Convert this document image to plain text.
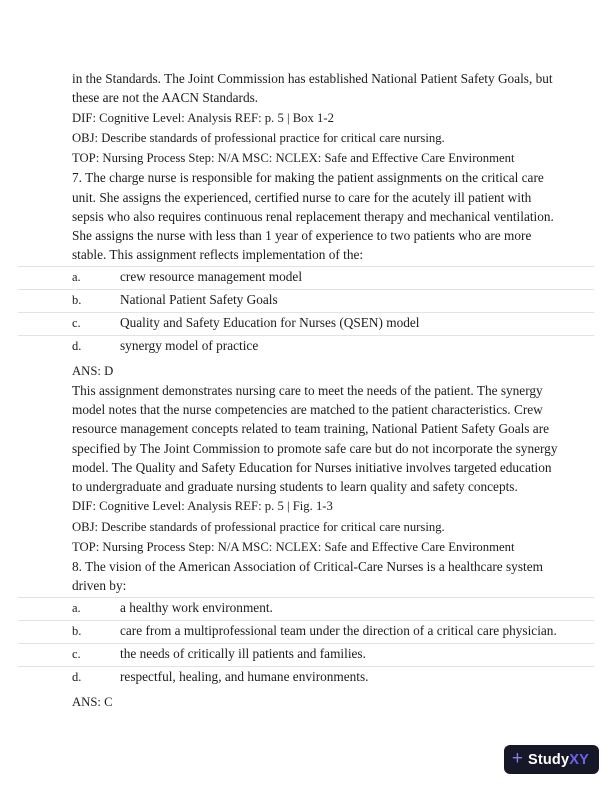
in the Standards. The Joint Commission has established National Patient Safety Goals, but these are not the AACN Standards.

DIF: Cognitive Level: Analysis REF: p. 5 | Box 1-2
OBJ: Describe standards of professional practice for critical care nursing.
TOP: Nursing Process Step: N/A MSC: NCLEX: Safe and Effective Care Environment

7. The charge nurse is responsible for making the patient assignments on the critical care unit. She assigns the experienced, certified nurse to care for the acutely ill patient with sepsis who also requires continuous renal replacement therapy and mechanical ventilation. She assigns the nurse with less than 1 year of experience to two patients who are more stable. This assignment reflects implementation of the:

a.	crew resource management model
b.	National Patient Safety Goals
c.	Quality and Safety Education for Nurses (QSEN) model
d.	synergy model of practice

ANS: D

This assignment demonstrates nursing care to meet the needs of the patient. The synergy model notes that the nurse competencies are matched to the patient characteristics. Crew resource management concepts related to team training, National Patient Safety Goals are specified by The Joint Commission to promote safe care but do not incorporate the synergy model. The Quality and Safety Education for Nurses initiative involves targeted education to undergraduate and graduate nursing students to learn quality and safety concepts.

DIF: Cognitive Level: Analysis REF: p. 5 | Fig. 1-3
OBJ: Describe standards of professional practice for critical care nursing.
TOP: Nursing Process Step: N/A MSC: NCLEX: Safe and Effective Care Environment

8. The vision of the American Association of Critical-Care Nurses is a healthcare system driven by:

a.	a healthy work environment.
b.	care from a multiprofessional team under the direction of a critical care physician.
c.	the needs of critically ill patients and families.
d.	respectful, healing, and humane environments.

ANS: C

+ StudyXY
